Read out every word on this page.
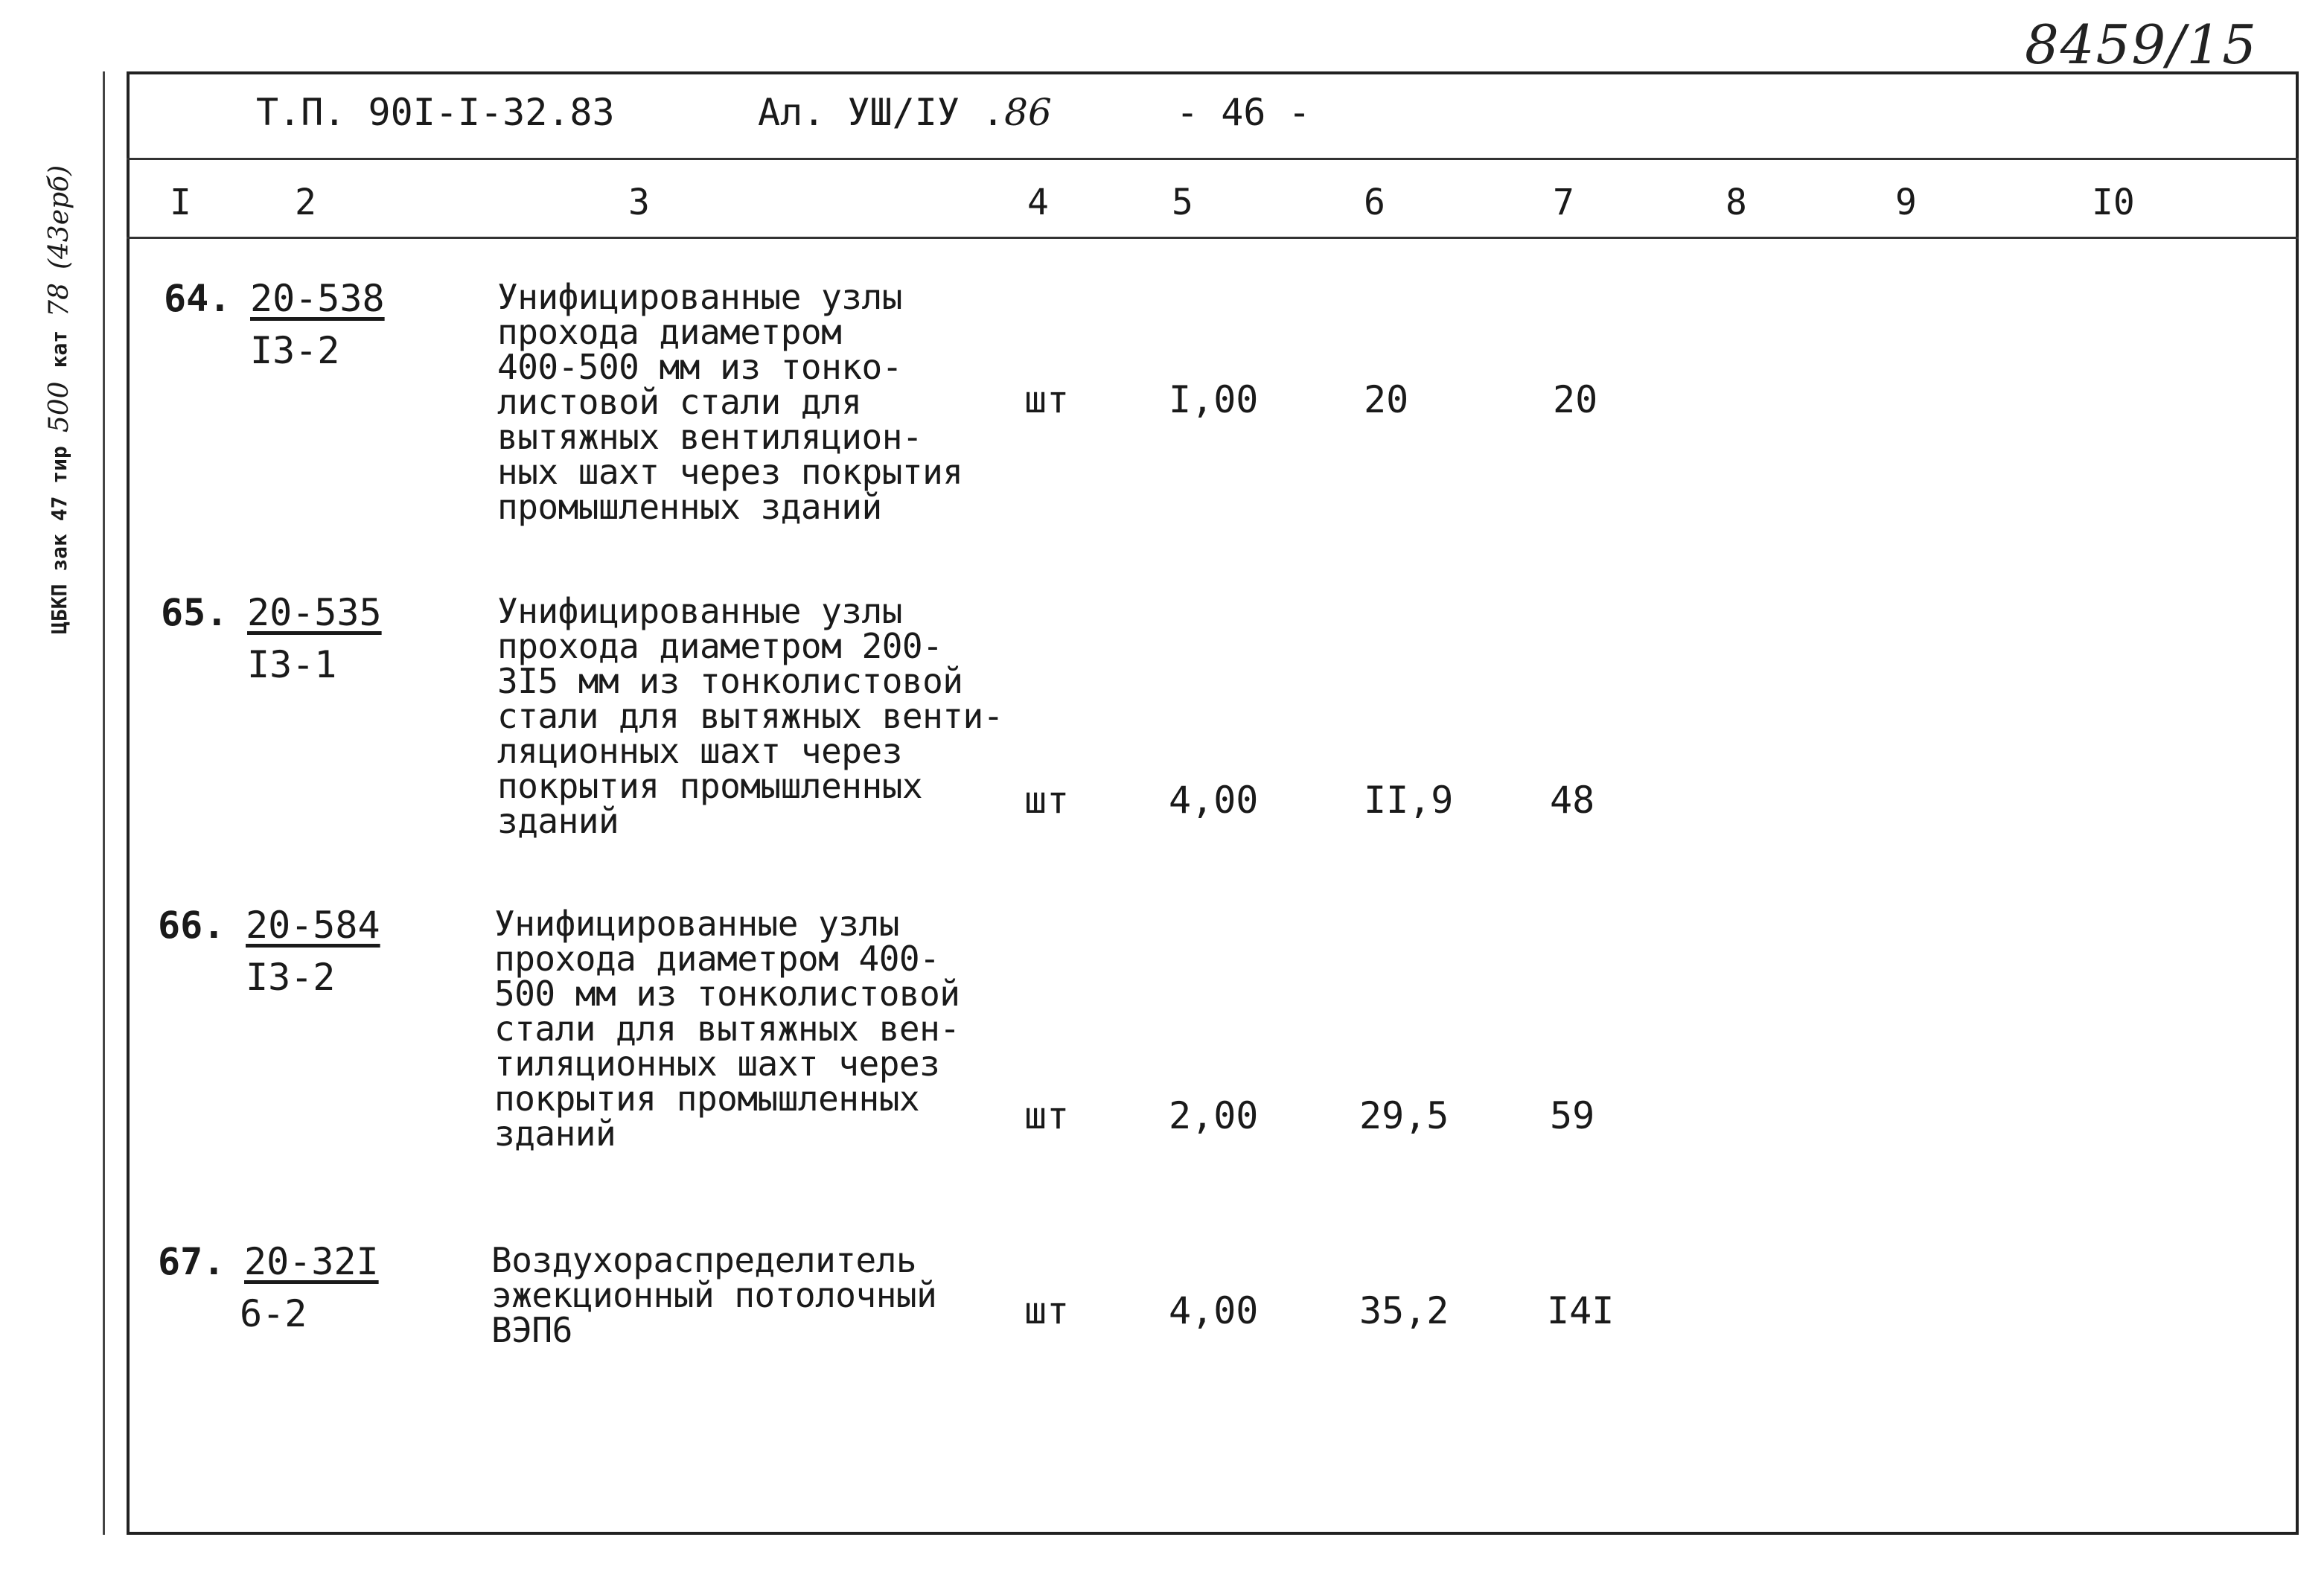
8459/15
ЦБКП зак 47 тир
500
кат
78
(43ерб)
Т.П. 90I-I-32.83	Ал. УШ/IУ .86	- 46 -
I	2	3	4	5	6	7	8	9	I0
64. 20-538
I3-2
Унифицированные узлы
прохода диаметром
400-500 мм из тонко-
листовой стали для
вытяжных вентиляцион-
ных шахт через покрытия
промышленных зданий
шт	I,00	20	20
65. 20-535
I3-1
Унифицированные узлы
прохода диаметром 200-
3I5 мм из тонколистовой
стали для вытяжных венти-
ляционных шахт через
покрытия промышленных
зданий	шт	4,00	II,9	48
66. 20-584
I3-2
Унифицированные узлы
прохода диаметром 400-
500 мм из тонколистовой
стали для вытяжных вен-
тиляционных шахт через
покрытия промышленных
зданий	шт	2,00	29,5	59
67. 20-32I
6-2
Воздухораспределитель
эжекционный потолочный
ВЭП6	шт	4,00	35,2	I4I
